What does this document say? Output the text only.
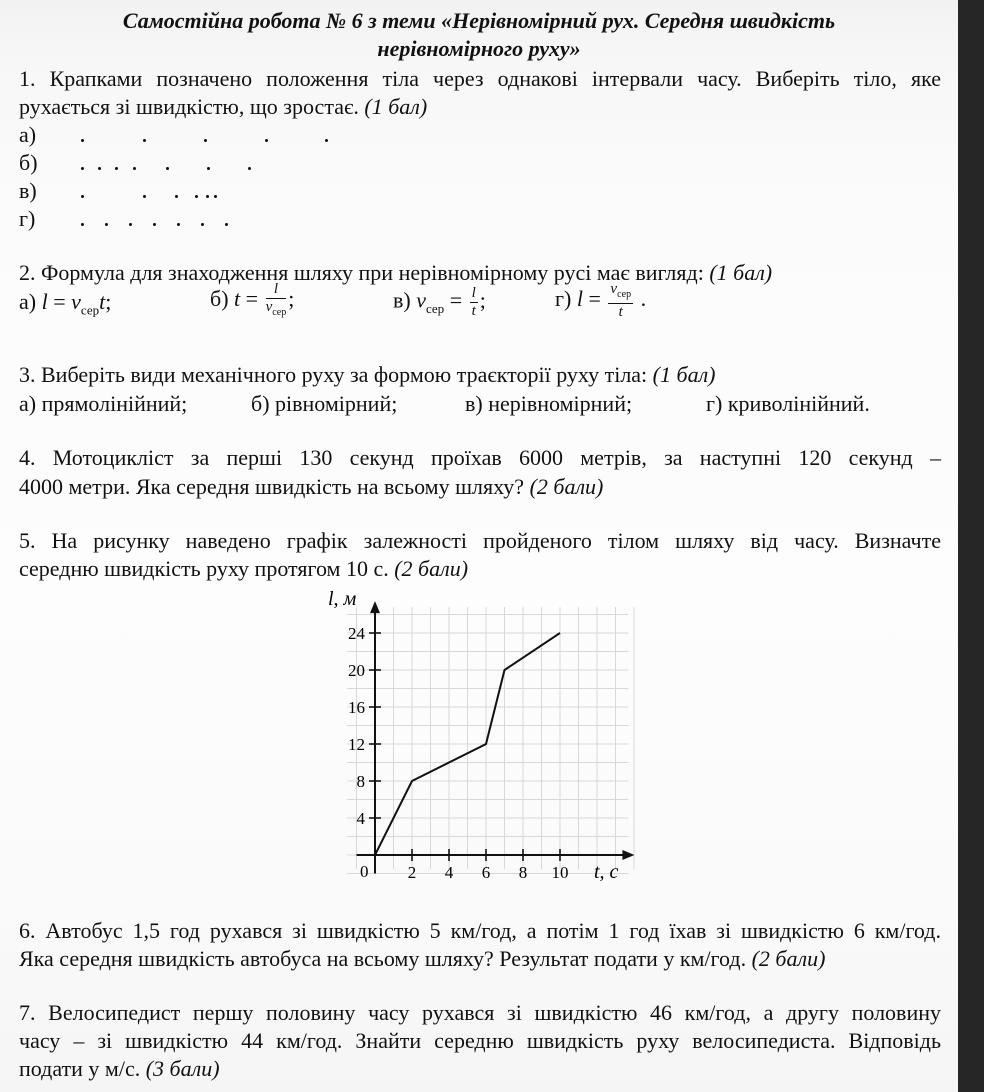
Самостійна робота № 6 з теми «Нерівномірний рух. Середня швидкість
нерівномірного руху»
1. Крапками позначено положення тіла через однакові інтервали часу. Виберіть тіло, яке
рухається зі швидкістю, що зростає. (1 бал)
а)
б)
в)
г)
2. Формула для знаходження шляху при нерівномірному русі має вигляд: (1 бал)
а) $l = v_{сер}t$;	б) $t = \frac{l}{v_{сер}}$ ;	в) $v_{сер} = \frac{l}{t}$ ;	г) $l = \frac{v_{сер}}{t}$ .
3. Виберіть види механічного руху за формою траєкторії руху тіла: (1 бал)
а) прямолінійний;	б) рівномірний;	в) нерівномірний;	г) криволінійний.
4. Мотоцикліст за перші 130 секунд проїхав 6000 метрів, за наступні 120 секунд –
4000 метри. Яка середня швидкість на всьому шляху? (2 бали)
5. На рисунку наведено графік залежності пройденого тілом шляху від часу. Визначте
середню швидкість руху протягом 10 с. (2 бали)
2 4 6 8 10
4
8
12
16
20
24
l, м
t, с
0
6. Автобус 1,5 год рухався зі швидкістю 5 км/год, а потім 1 год їхав зі швидкістю 6 км/год.
Яка середня швидкість автобуса на всьому шляху? Результат подати у км/год. (2 бали)
7. Велосипедист першу половину часу рухався зі швидкістю 46 км/год, а другу половину
часу – зі швидкістю 44 км/год. Знайти середню швидкість руху велосипедиста. Відповідь
подати у м/с. (3 бали)
